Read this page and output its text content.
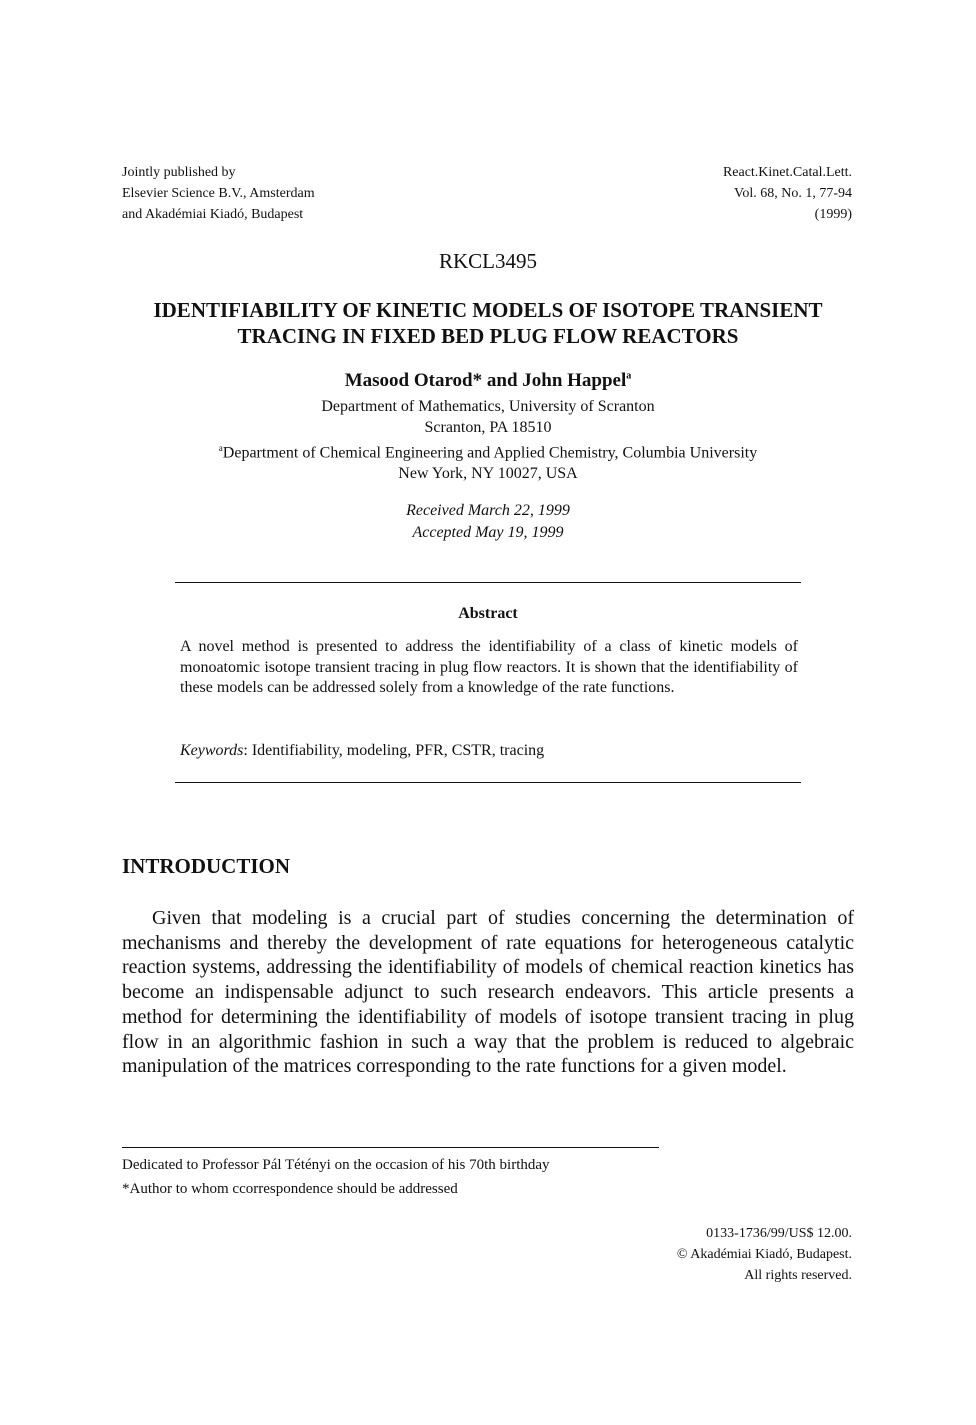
Jointly published by
Elsevier Science B.V., Amsterdam
and Akadémiai Kiadó, Budapest
React.Kinet.Catal.Lett.
Vol. 68, No. 1, 77-94
(1999)
RKCL3495
IDENTIFIABILITY OF KINETIC MODELS OF ISOTOPE TRANSIENT
TRACING IN FIXED BED PLUG FLOW REACTORS
Masood Otarod* and John Happel$^a$
Department of Mathematics, University of Scranton
Scranton, PA 18510
$^a$Department of Chemical Engineering and Applied Chemistry, Columbia University
New York, NY 10027, USA
Received March 22, 1999
Accepted May 19, 1999
Abstract
A novel method is presented to address the identifiability of a class of kinetic models of monoatomic isotope transient tracing in plug flow reactors. It is shown that the identifiability of these models can be addressed solely from a knowledge of the rate functions.
Keywords: Identifiability, modeling, PFR, CSTR, tracing
INTRODUCTION
Given that modeling is a crucial part of studies concerning the determination of mechanisms and thereby the development of rate equations for heterogeneous catalytic reaction systems, addressing the identifiability of models of chemical reaction kinetics has become an indispensable adjunct to such research endeavors. This article presents a method for determining the identifiability of models of isotope transient tracing in plug flow in an algorithmic fashion in such a way that the problem is reduced to algebraic manipulation of the matrices corresponding to the rate functions for a given model.
Dedicated to Professor Pál Tétényi on the occasion of his 70th birthday
*Author to whom ccorrespondence should be addressed
0133-1736/99/US$ 12.00.
© Akadémiai Kiadó, Budapest.
All rights reserved.
